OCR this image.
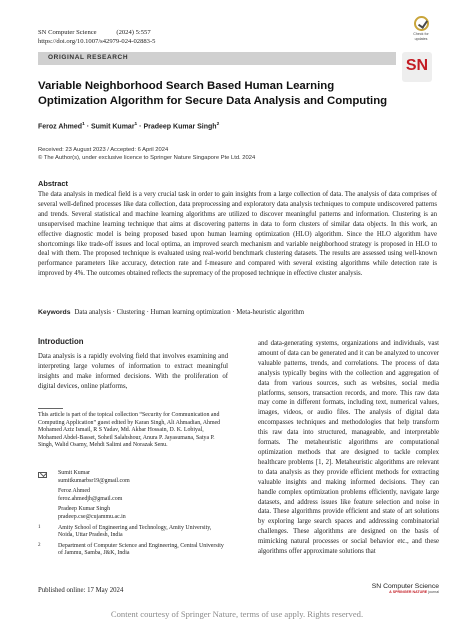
SN Computer Science	(2024) 5:557
https://doi.org/10.1007/s42979-024-02883-5
Check for updates
ORIGINAL RESEARCH	SN
Variable Neighborhood Search Based Human Learning Optimization Algorithm for Secure Data Analysis and Computing
Feroz Ahmed$^1$ · Sumit Kumar$^1$ · Pradeep Kumar Singh$^2$
Received: 23 August 2023 / Accepted: 6 April 2024
© The Author(s), under exclusive licence to Springer Nature Singapore Pte Ltd. 2024
Abstract

The data analysis in medical field is a very crucial task in order to gain insights from a large collection of data. The analysis of data comprises of several well-defined processes like data collection, data preprocessing and exploratory data analysis techniques to compute undiscovered patterns and trends. Several statistical and machine learning algorithms are utilized to discover meaningful patterns and information. Clustering is an unsupervised machine learning technique that aims at discovering patterns in data to form clusters of similar data objects. In this work, an effective diagnostic model is being proposed based upon human learning optimization (HLO) algorithm. Since the HLO algorithm have shortcomings like trade-off issues and local optima, an improved search mechanism and variable neighborhood strategy is proposed in HLO to deal with them. The proposed technique is evaluated using real-world benchmark clustering datasets. The results are assessed using well-known performance parameters like accuracy, detection rate and f-measure and compared with several existing algorithms while detection rate is improved by 4%. The outcomes obtained reflects the supremacy of the proposed technique in effective cluster analysis.

Keywords Data analysis · Clustering · Human learning optimization · Meta-heuristic algorithm
Introduction

Data analysis is a rapidly evolving field that involves examining and interpreting large volumes of information to extract meaningful insights and make informed decisions. With the proliferation of digital devices, online platforms,

This article is part of the topical collection “Security for Communication and Computing Application” guest edited by Karan Singh, Ali Ahmadian, Ahmed Mohamed Aziz Ismail, R S Yadav, Md. Akbar Hossain, D. K. Lobiyal, Mohamed Abdel-Basset, Soheil Salahshour, Anura P. Jayasumana, Satya P. Singh, Walid Osamy, Mehdi Salimi and Norazak Senu.

Sumit Kumar
sumitkumarbsr19@gmail.com
Feroz Ahmed
feroz.ahmedjh@gmail.com
Pradeep Kumar Singh
pradeep.cse@cujammu.ac.in
1	Amity School of Engineering and Technology, Amity University, Noida, Uttar Pradesh, India
2	Department of Computer Science and Engineering, Central University of Jammu, Samba, J&K, India

and data-generating systems, organizations and individuals, vast amount of data can be generated and it can be analyzed to uncover valuable patterns, trends, and correlations. The process of data analysis typically begins with the collection and aggregation of data from various sources, such as websites, social media platforms, sensors, transaction records, and more. This raw data may come in different formats, including text, numerical values, images, videos, or audio files. The analysis of digital data encompasses techniques and methodologies that help transform this raw data into structured, manageable, and interpretable formats. The metaheuristic algorithms are computational optimization methods that are designed to tackle complex healthcare problems [1, 2]. Metaheuristic algorithms are relevant to data analysis as they provide efficient methods for extracting valuable insights and making informed decisions. They can handle complex optimization problems efficiently, navigate large datasets, and address issues like feature selection and noise in data. These algorithms provide efficient and state of art solutions by exploring large search spaces and addressing combinatorial challenges. These algorithms are designed on the basis of mimicking natural processes or social behavior etc., and these algorithms offer approximate solutions that

Published online: 17 May 2024
SN Computer Science
A SPRINGER NATURE journal
Content courtesy of Springer Nature, terms of use apply. Rights reserved.
